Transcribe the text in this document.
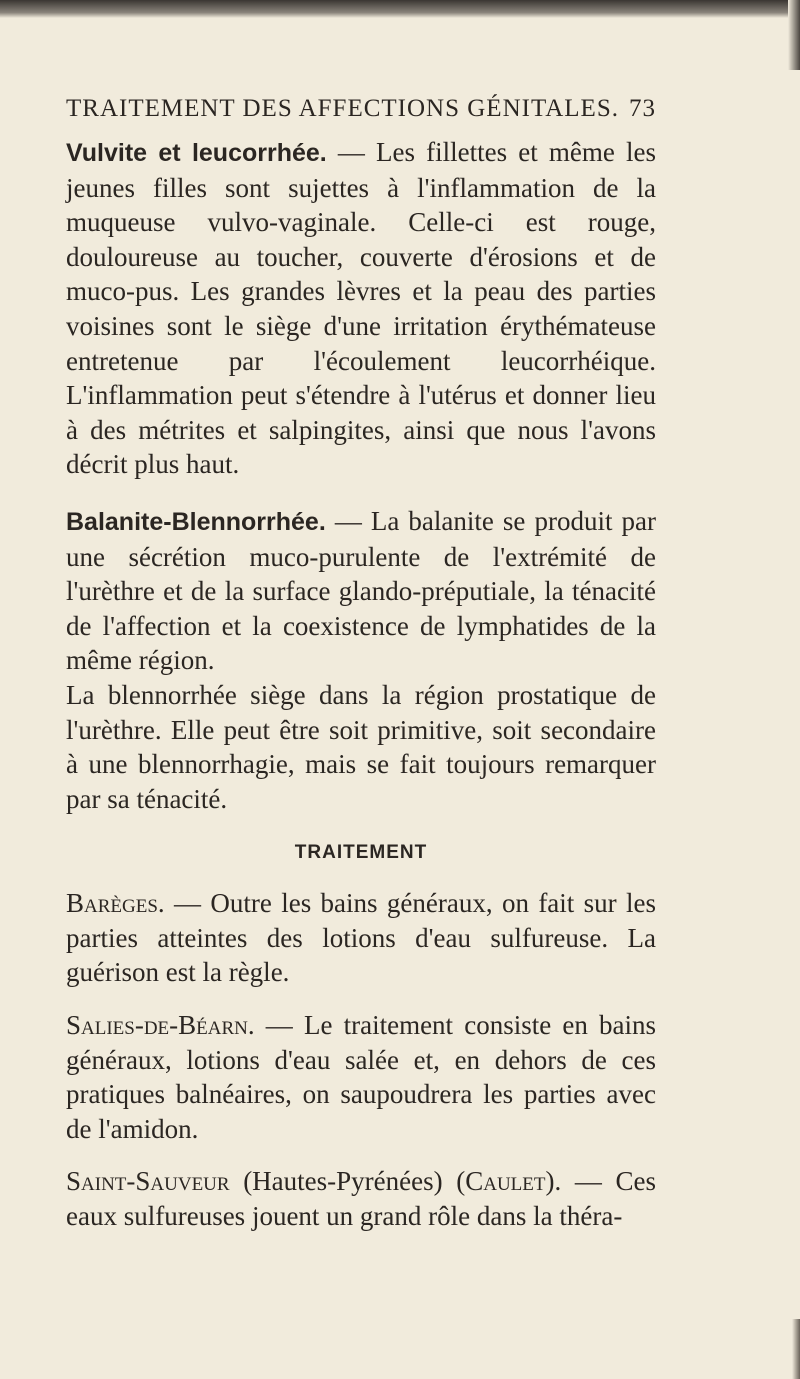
TRAITEMENT DES AFFECTIONS GÉNITALES. 73

Vulvite et leucorrhée. — Les fillettes et même les jeunes filles sont sujettes à l'inflammation de la muqueuse vulvo-vaginale. Celle-ci est rouge, douloureuse au toucher, couverte d'érosions et de muco-pus. Les grandes lèvres et la peau des parties voisines sont le siège d'une irritation érythémateuse entretenue par l'écoulement leucorrhéique. L'inflammation peut s'étendre à l'utérus et donner lieu à des métrites et salpingites, ainsi que nous l'avons décrit plus haut.

Balanite-Blennorrhée. — La balanite se produit par une sécrétion muco-purulente de l'extrémité de l'urèthre et de la surface glando-préputiale, la ténacité de l'affection et la coexistence de lymphatides de la même région.

La blennorrhée siège dans la région prostatique de l'urèthre. Elle peut être soit primitive, soit secondaire à une blennorrhagie, mais se fait toujours remarquer par sa ténacité.

TRAITEMENT

Barèges. — Outre les bains généraux, on fait sur les parties atteintes des lotions d'eau sulfureuse. La guérison est la règle.

Salies-de-Béarn. — Le traitement consiste en bains généraux, lotions d'eau salée et, en dehors de ces pratiques balnéaires, on saupoudrera les parties avec de l'amidon.

Saint-Sauveur (Hautes-Pyrénées) (Caulet). — Ces eaux sulfureuses jouent un grand rôle dans la théra-
